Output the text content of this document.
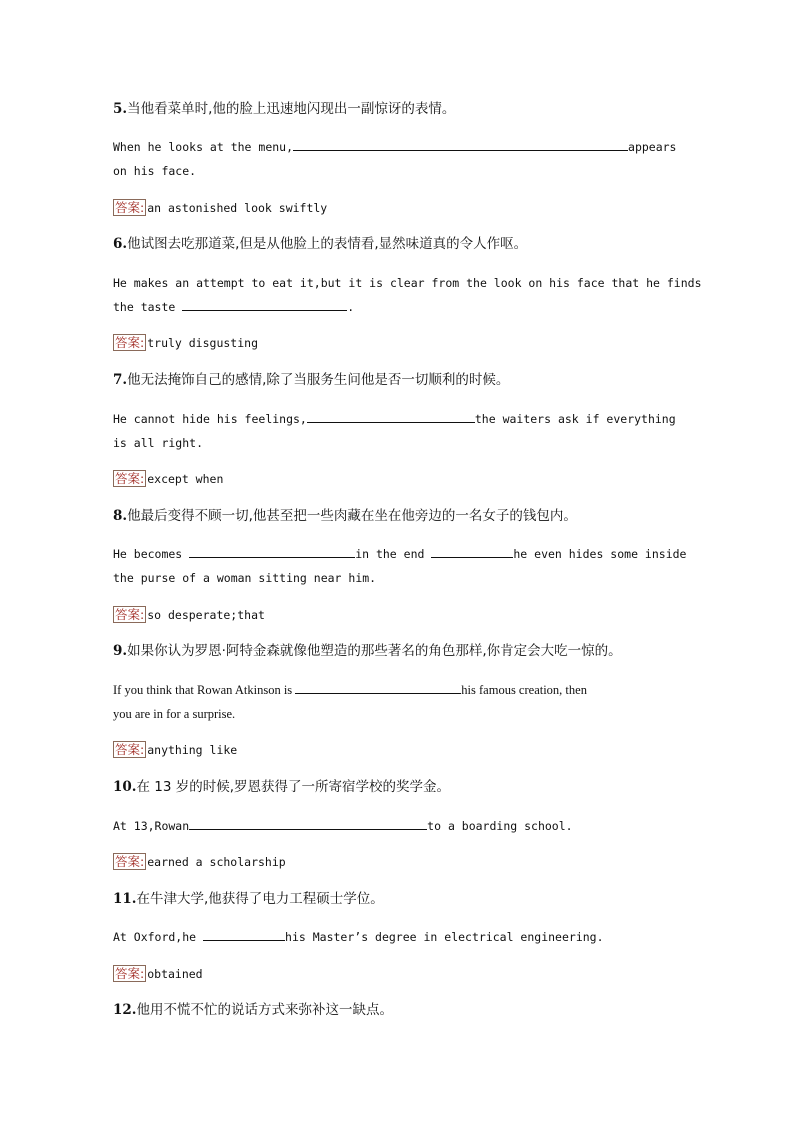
5.当他看菜单时,他的脸上迅速地闪现出一副惊讶的表情。
When he looks at the menu,	appears
on his face.
答案: an astonished look swiftly
6.他试图去吃那道菜,但是从他脸上的表情看,显然味道真的令人作呕。
He makes an attempt to eat it,but it is clear from the look on his face that he finds
the taste	.
答案: truly disgusting
7.他无法掩饰自己的感情,除了当服务生问他是否一切顺利的时候。
He cannot hide his feelings,	the waiters ask if everything
is all right.
答案: except when
8.他最后变得不顾一切,他甚至把一些肉藏在坐在他旁边的一名女子的钱包内。
He becomes	in the end	he even hides some inside
the purse of a woman sitting near him.
答案: so desperate;that
9.如果你认为罗恩·阿特金森就像他塑造的那些著名的角色那样,你肯定会大吃一惊的。
If you think that Rowan Atkinson is	his famous creation, then
you are in for a surprise.
答案: anything like
10.在 13 岁的时候,罗恩获得了一所寄宿学校的奖学金。
At 13,Rowan	to a boarding school.
答案: earned a scholarship
11.在牛津大学,他获得了电力工程硕士学位。
At Oxford,he	his Master’s degree in electrical engineering.
答案: obtained
12.他用不慌不忙的说话方式来弥补这一缺点。
